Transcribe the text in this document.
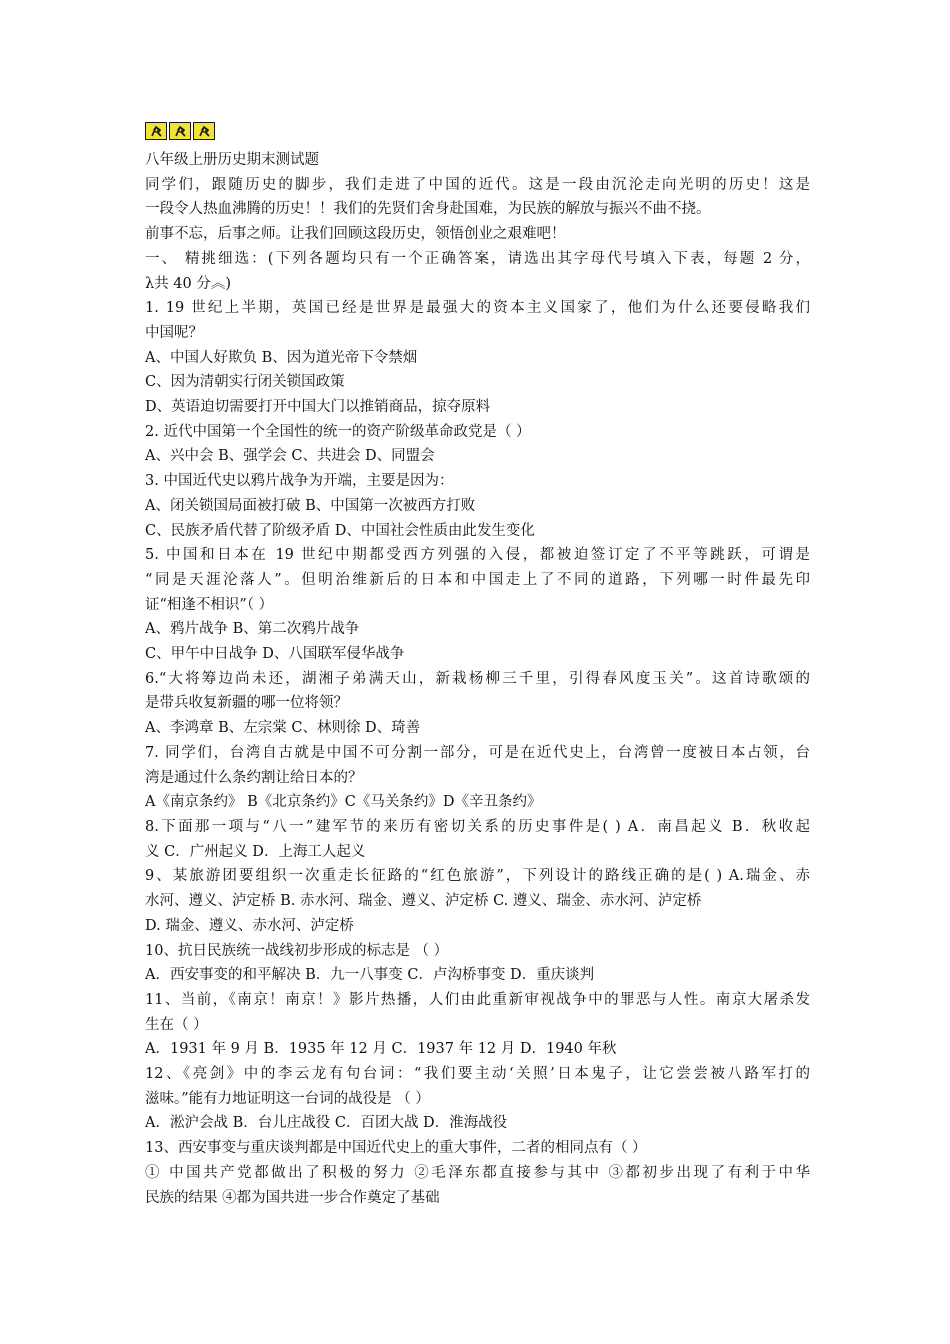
八年级上册历史期末测试题
同学们，跟随历史的脚步，我们走进了中国的近代。这是一段由沉沦走向光明的历史！这是
一段令人热血沸腾的历史！！我们的先贤们舍身赴国难，为民族的解放与振兴不曲不挠。
前事不忘，后事之师。让我们回顾这段历史，领悟创业之艰难吧！
一、 精挑细选：(下列各题均只有一个正确答案，请选出其字母代号填入下表，每题 2 分，
λ共 40 分︽)
1. 19 世纪上半期，英国已经是世界是最强大的资本主义国家了，他们为什么还要侵略我们
中国呢？
A、中国人好欺负 B、因为道光帝下令禁烟
C、因为清朝实行闭关锁国政策
D、英语迫切需要打开中国大门以推销商品，掠夺原料
2. 近代中国第一个全国性的统一的资产阶级革命政党是（ ）
A、兴中会 B、强学会 C、共进会 D、同盟会
3. 中国近代史以鸦片战争为开端，主要是因为：
A、闭关锁国局面被打破 B、中国第一次被西方打败
C、民族矛盾代替了阶级矛盾 D、中国社会性质由此发生变化
5. 中国和日本在 19 世纪中期都受西方列强的入侵，都被迫签订定了不平等跳跃，可谓是
“同是天涯沦落人”。但明治维新后的日本和中国走上了不同的道路，下列哪一时件最先印
证“相逢不相识”（ ）
A、鸦片战争 B、第二次鸦片战争
C、甲午中日战争 D、八国联军侵华战争
6.“大将筹边尚未还，湖湘子弟满天山，新栽杨柳三千里，引得春风度玉关”。这首诗歌颂的
是带兵收复新疆的哪一位将领？
A、李鸿章 B、左宗棠 C、林则徐 D、琦善
7. 同学们，台湾自古就是中国不可分割一部分，可是在近代史上，台湾曾一度被日本占领，台
湾是通过什么条约割让给日本的？
A《南京条约》 B《北京条约》C《马关条约》D《辛丑条约》
8.下面那一项与“八一”建军节的来历有密切关系的历史事件是( ) A．南昌起义 B．秋收起
义 C．广州起义 D．上海工人起义
9、某旅游团要组织一次重走长征路的“红色旅游”，下列设计的路线正确的是( ) A.瑞金、赤
水河、遵义、泸定桥 B. 赤水河、瑞金、遵义、泸定桥 C. 遵义、瑞金、赤水河、泸定桥
D. 瑞金、遵义、赤水河、泸定桥
10、抗日民族统一战线初步形成的标志是 （ ）
A．西安事变的和平解决 B．九一八事变 C．卢沟桥事变 D．重庆谈判
11、当前，《南京！南京！》影片热播，人们由此重新审视战争中的罪恶与人性。南京大屠杀发
生在（ ）
A．1931 年 9 月 B．1935 年 12 月 C．1937 年 12 月 D．1940 年秋
12、《亮剑》中的李云龙有句台词：“我们要主动‘关照’日本鬼子，让它尝尝被八路军打的
滋味。”能有力地证明这一台词的战役是 （ ）
A．淞沪会战 B．台儿庄战役 C．百团大战 D．淮海战役
13、西安事变与重庆谈判都是中国近代史上的重大事件，二者的相同点有（ ）
① 中国共产党都做出了积极的努力 ②毛泽东都直接参与其中 ③都初步出现了有利于中华
民族的结果 ④都为国共进一步合作奠定了基础
